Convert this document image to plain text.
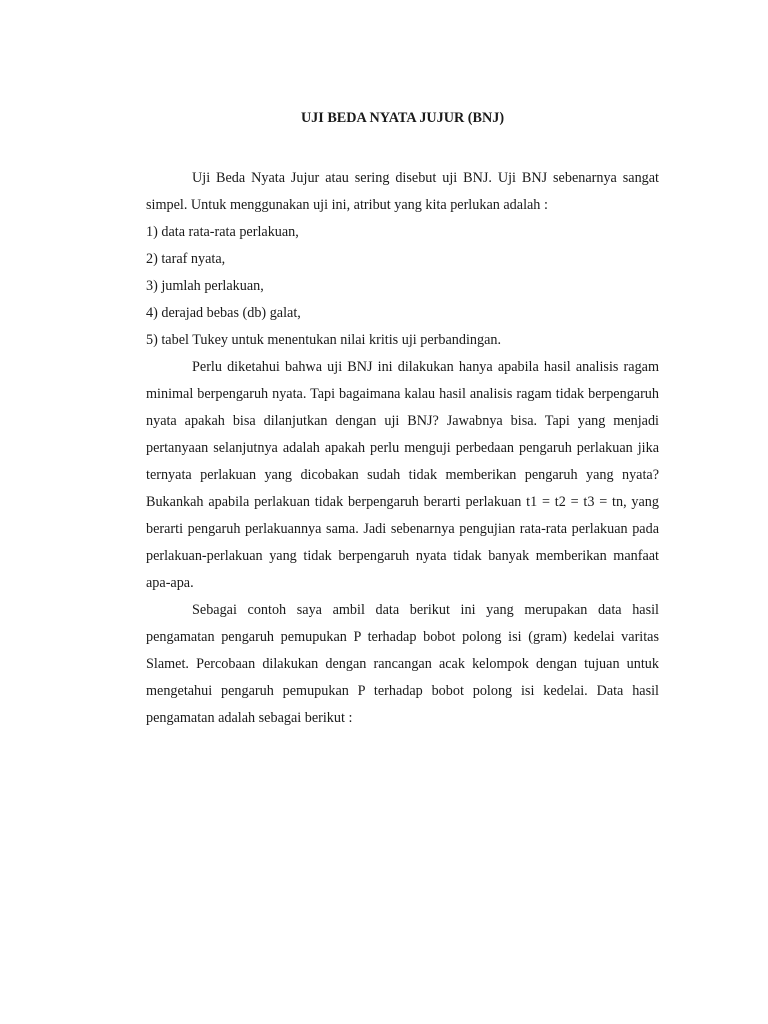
UJI BEDA NYATA JUJUR (BNJ)

Uji Beda Nyata Jujur atau sering disebut uji BNJ. Uji BNJ sebenarnya sangat simpel. Untuk menggunakan uji ini, atribut yang kita perlukan adalah :

1) data rata-rata perlakuan,

2) taraf nyata,

3) jumlah perlakuan,

4) derajad bebas (db) galat,

5) tabel Tukey untuk menentukan nilai kritis uji perbandingan.

Perlu diketahui bahwa uji BNJ ini dilakukan hanya apabila hasil analisis ragam minimal berpengaruh nyata. Tapi bagaimana kalau hasil analisis ragam tidak berpengaruh nyata apakah bisa dilanjutkan dengan uji BNJ? Jawabnya bisa. Tapi yang menjadi pertanyaan selanjutnya adalah apakah perlu menguji perbedaan pengaruh perlakuan jika ternyata perlakuan yang dicobakan sudah tidak memberikan pengaruh yang nyata? Bukankah apabila perlakuan tidak berpengaruh berarti perlakuan t1 = t2 = t3 = tn, yang berarti pengaruh perlakuannya sama. Jadi sebenarnya pengujian rata-rata perlakuan pada perlakuan-perlakuan yang tidak berpengaruh nyata tidak banyak memberikan manfaat apa-apa.

Sebagai contoh saya ambil data berikut ini yang merupakan data hasil pengamatan pengaruh pemupukan P terhadap bobot polong isi (gram) kedelai varitas Slamet. Percobaan dilakukan dengan rancangan acak kelompok dengan tujuan untuk mengetahui pengaruh pemupukan P terhadap bobot polong isi kedelai. Data hasil pengamatan adalah sebagai berikut :
